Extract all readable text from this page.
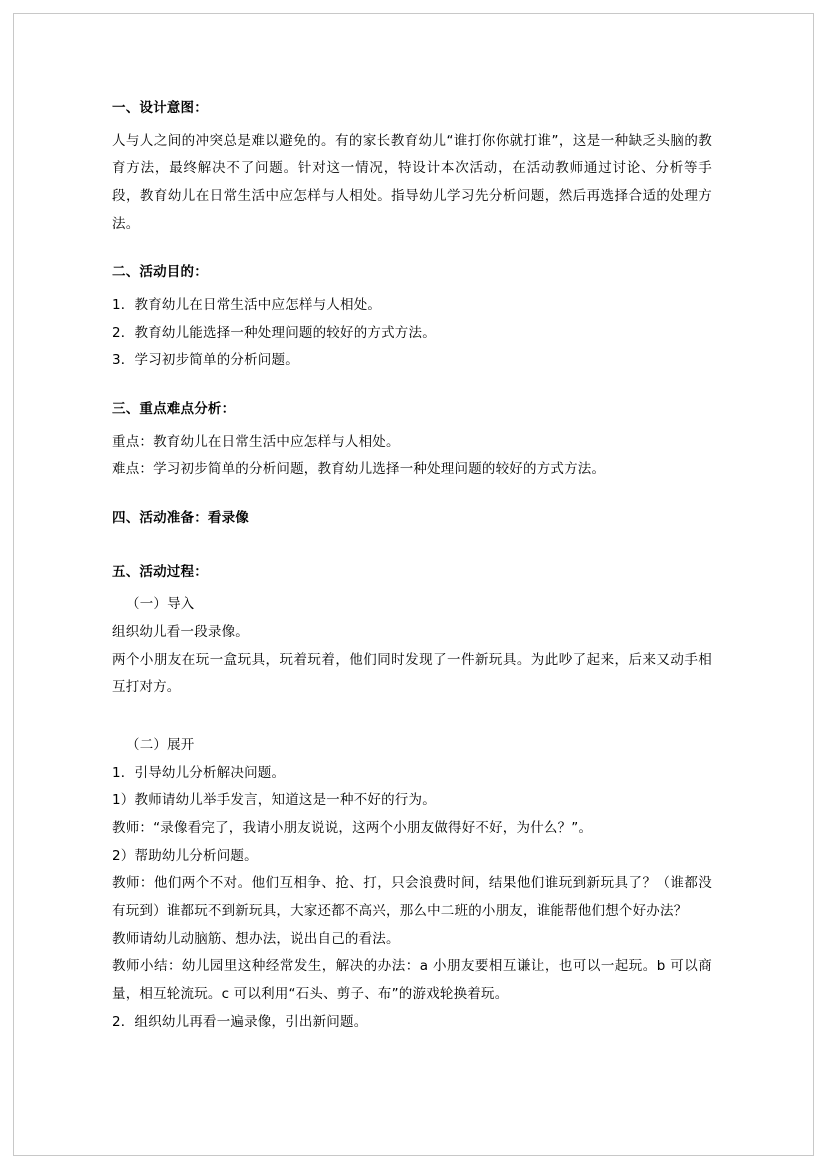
一、设计意图：

人与人之间的冲突总是难以避免的。有的家长教育幼儿“谁打你你就打谁”，这是一种缺乏头脑的教育方法，最终解决不了问题。针对这一情况，特设计本次活动，在活动教师通过讨论、分析等手段，教育幼儿在日常生活中应怎样与人相处。指导幼儿学习先分析问题，然后再选择合适的处理方法。

二、活动目的：

1．教育幼儿在日常生活中应怎样与人相处。

2．教育幼儿能选择一种处理问题的较好的方式方法。

3．学习初步简单的分析问题。

三、重点难点分析：

重点：教育幼儿在日常生活中应怎样与人相处。

难点：学习初步简单的分析问题，教育幼儿选择一种处理问题的较好的方式方法。

四、活动准备：看录像

五、活动过程：

（一）导入

组织幼儿看一段录像。

两个小朋友在玩一盒玩具，玩着玩着，他们同时发现了一件新玩具。为此吵了起来，后来又动手相互打对方。

（二）展开

1．引导幼儿分析解决问题。

1）教师请幼儿举手发言，知道这是一种不好的行为。

教师：“录像看完了，我请小朋友说说，这两个小朋友做得好不好，为什么？”。

2）帮助幼儿分析问题。

教师：他们两个不对。他们互相争、抢、打，只会浪费时间，结果他们谁玩到新玩具了？（谁都没有玩到）谁都玩不到新玩具，大家还都不高兴，那么中二班的小朋友，谁能帮他们想个好办法？

教师请幼儿动脑筋、想办法，说出自己的看法。

教师小结：幼儿园里这种经常发生，解决的办法：a 小朋友要相互谦让，也可以一起玩。b 可以商量，相互轮流玩。c 可以利用“石头、剪子、布”的游戏轮换着玩。

2．组织幼儿再看一遍录像，引出新问题。
